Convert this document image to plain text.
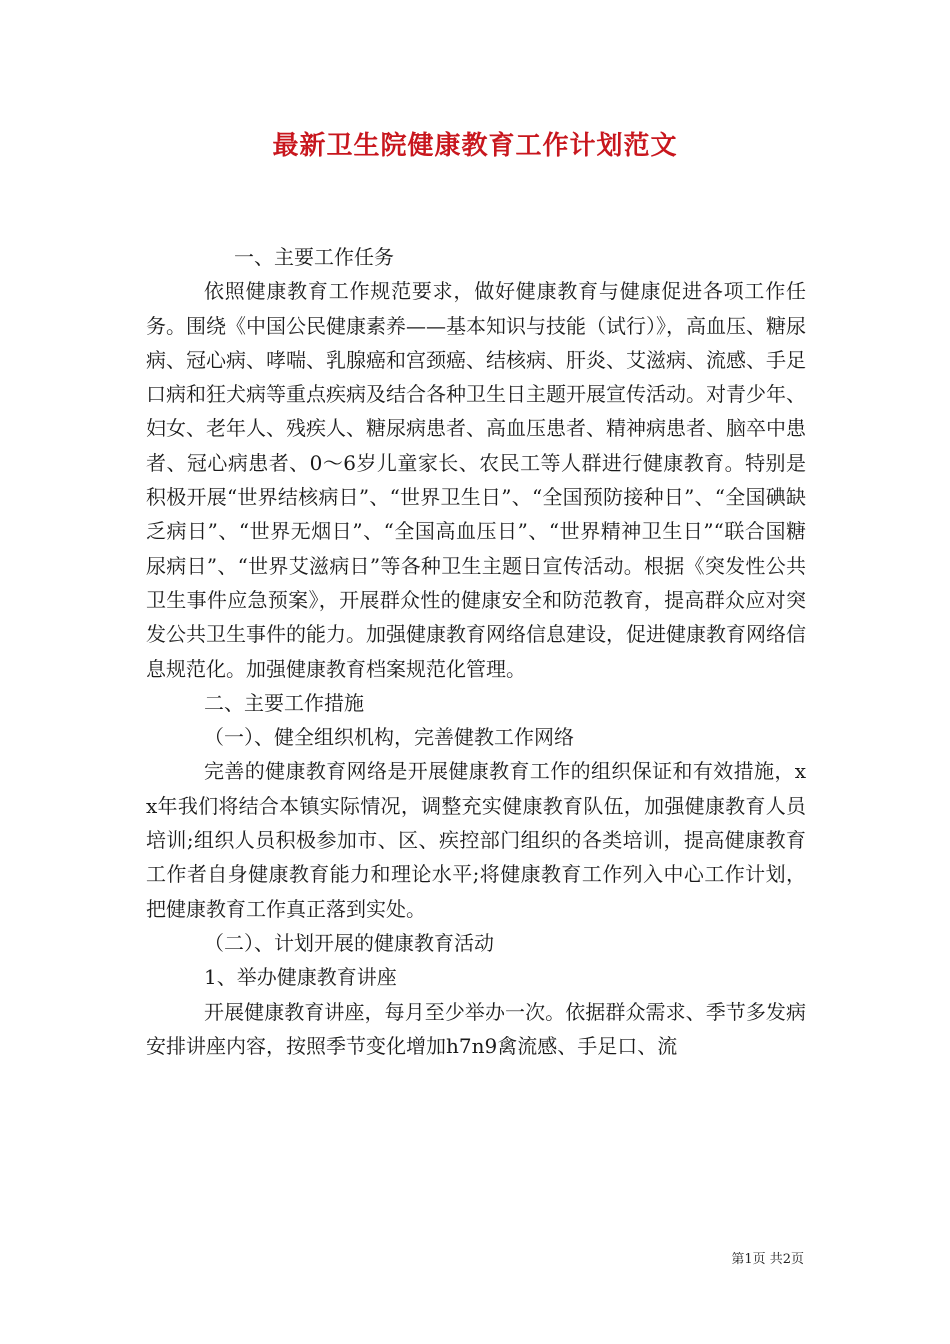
最新卫生院健康教育工作计划范文

一、主要工作任务

依照健康教育工作规范要求，做好健康教育与健康促进各项工作任务。围绕《中国公民健康素养——基本知识与技能（试行）》，高血压、糖尿病、冠心病、哮喘、乳腺癌和宫颈癌、结核病、肝炎、艾滋病、流感、手足口病和狂犬病等重点疾病及结合各种卫生日主题开展宣传活动。对青少年、妇女、老年人、残疾人、糖尿病患者、高血压患者、精神病患者、脑卒中患者、冠心病患者、0～6岁儿童家长、农民工等人群进行健康教育。特别是积极开展“世界结核病日”、“世界卫生日”、“全国预防接种日”、“全国碘缺乏病日”、“世界无烟日”、“全国高血压日”、“世界精神卫生日”“联合国糖尿病日”、“世界艾滋病日”等各种卫生主题日宣传活动。根据《突发性公共卫生事件应急预案》，开展群众性的健康安全和防范教育，提高群众应对突发公共卫生事件的能力。加强健康教育网络信息建设，促进健康教育网络信息规范化。加强健康教育档案规范化管理。

二、主要工作措施

（一）、健全组织机构，完善健教工作网络

完善的健康教育网络是开展健康教育工作的组织保证和有效措施，xx年我们将结合本镇实际情况，调整充实健康教育队伍，加强健康教育人员培训;组织人员积极参加市、区、疾控部门组织的各类培训，提高健康教育工作者自身健康教育能力和理论水平;将健康教育工作列入中心工作计划，把健康教育工作真正落到实处。

（二）、计划开展的健康教育活动

1、举办健康教育讲座

开展健康教育讲座，每月至少举办一次。依据群众需求、季节多发病安排讲座内容，按照季节变化增加h7n9禽流感、手足口、流

第1页 共2页
